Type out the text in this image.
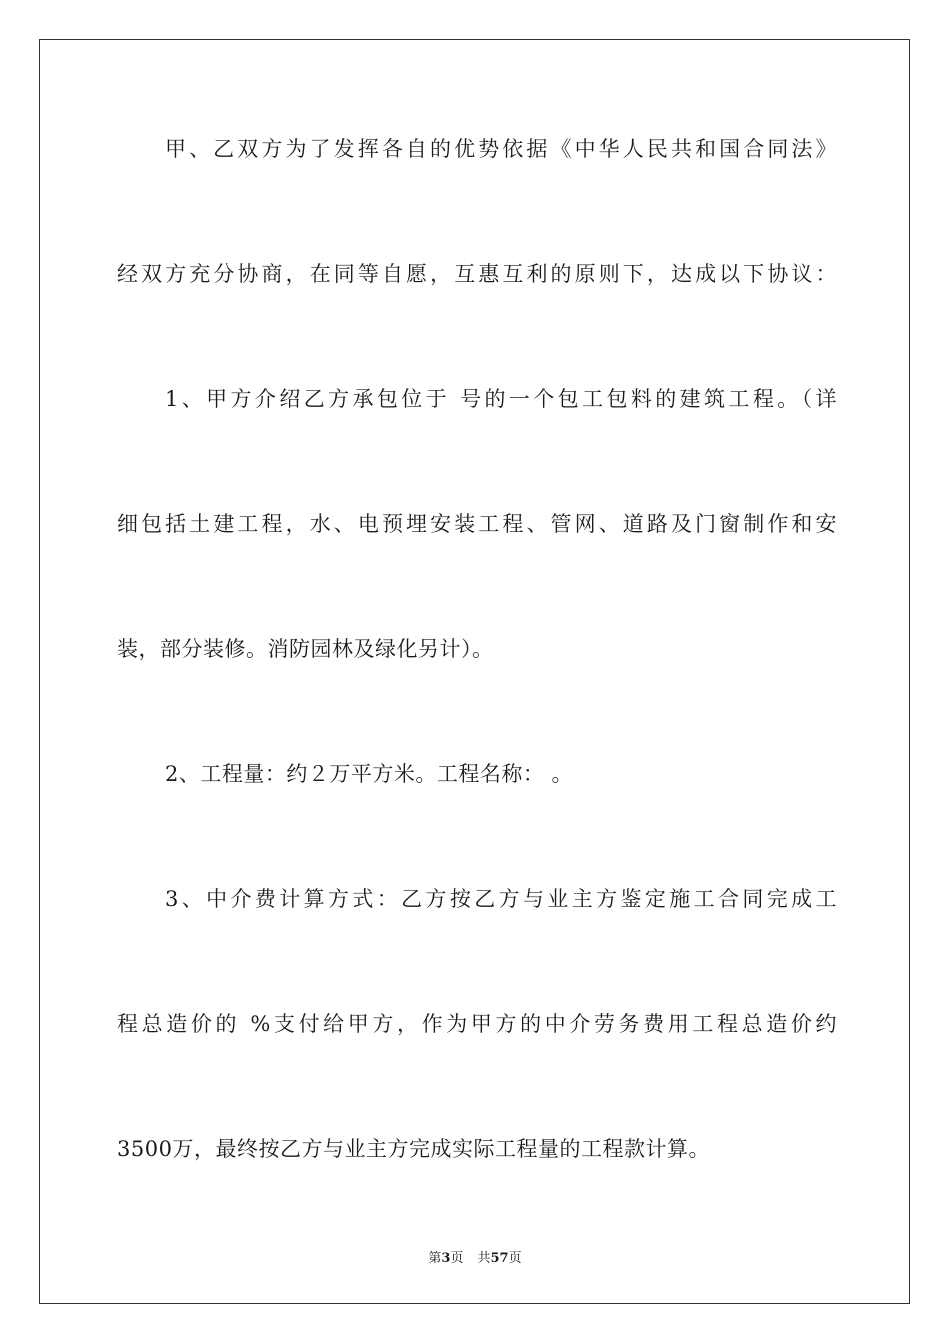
甲、乙双方为了发挥各自的优势依据《中华人民共和国合同法》
经双方充分协商，在同等自愿，互惠互利的原则下，达成以下协议：
1、甲方介绍乙方承包位于 号的一个包工包料的建筑工程。（详
细包括土建工程，水、电预埋安装工程、管网、道路及门窗制作和安
装，部分装修。消防园林及绿化另计）。
2、工程量：约２万平方米。工程名称： 。
3、中介费计算方式：乙方按乙方与业主方鉴定施工合同完成工
程总造价的 %支付给甲方，作为甲方的中介劳务费用工程总造价约
3500万，最终按乙方与业主方完成实际工程量的工程款计算。
第3页 共57页
